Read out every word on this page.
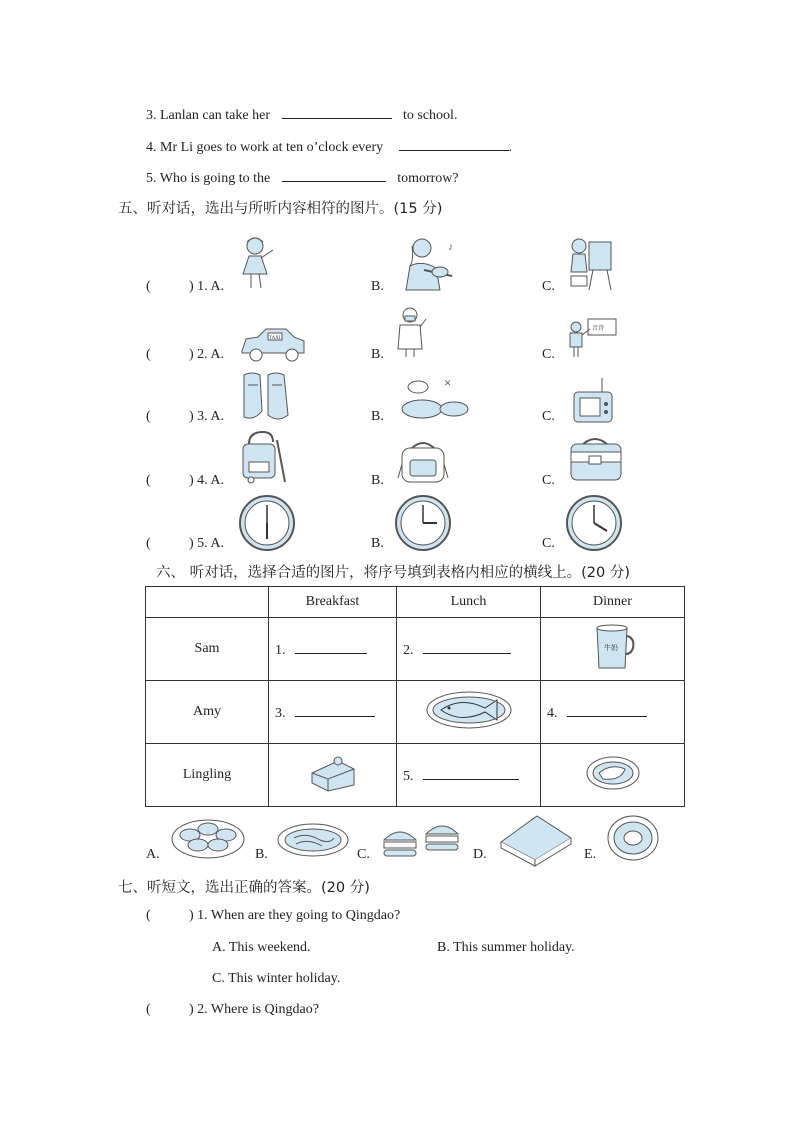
3. Lanlan can take her	to school.
4. Mr Li goes to work at ten o’clock every	.
5. Who is going to the	tomorrow?
五、听对话，选出与所听内容相符的图片。(15 分)
(	) 1. A.	B.	C.
(	) 2. A.	B.	C.
(	) 3. A.	B.	C.
(	) 4. A.	B.	C.
(	) 5. A.	B.	C.
♪
TAXI
音诗
×
六、 听对话，选择合适的图片，将序号填到表格内相应的横线上。(20 分)
	Breakfast	Lunch	Dinner
Sam	1.	2.	牛奶

Amy	3.		4.
Lingling		5.	
A.	B.	C.	D.	E.
七、听短文，选出正确的答案。(20 分)
(	) 1. When are they going to Qingdao?
A. This weekend.	B. This summer holiday.
C. This winter holiday.
(	) 2. Where is Qingdao?
